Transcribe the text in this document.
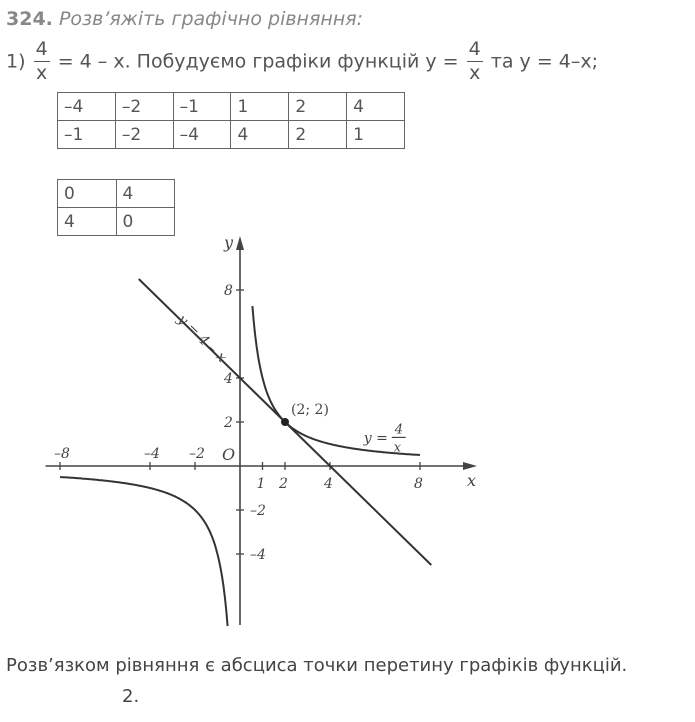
324. Розв’яжіть графічно рівняння:
$1) \frac{4}{x} = 4 - x$. Побудуємо графіки функцій $y = \frac{4}{x}$ та y = 4–x;
–4	–2	–1	1	2	4
–1	–2	–4	4	2	1
0	4
4	0
x
y
O
–8	–4 –2
1 2	4	8
8
4
2
–2
–4
y = 4 – x
y =
4
x
(2; 2)
Розв’язком рівняння є абсциса точки перетину графіків функцій.
2.
